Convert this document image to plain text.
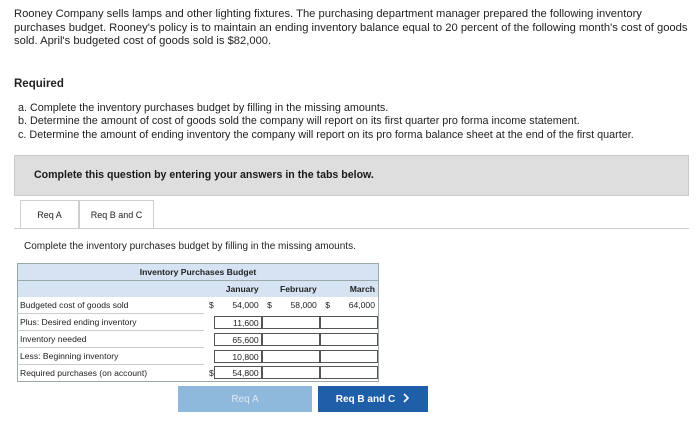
Rooney Company sells lamps and other lighting fixtures. The purchasing department manager prepared the following inventory purchases budget. Rooney's policy is to maintain an ending inventory balance equal to 20 percent of the following month's cost of goods sold. April's budgeted cost of goods sold is $82,000.
Required
a. Complete the inventory purchases budget by filling in the missing amounts.
b. Determine the amount of cost of goods sold the company will report on its first quarter pro forma income statement.
c. Determine the amount of ending inventory the company will report on its pro forma balance sheet at the end of the first quarter.
Complete this question by entering your answers in the tabs below.
Req A	Req B and C
Complete the inventory purchases budget by filling in the missing amounts.
Inventory Purchases Budget						
	January		February		March	
Budgeted cost of goods sold	$	54,000	$	58,000	$	64,000
Plus: Desired ending inventory		11,600				

Inventory needed		65,600				

Less: Beginning inventory		10,800				

Required purchases (on account)	$	54,800				

Req A	Req B and C
